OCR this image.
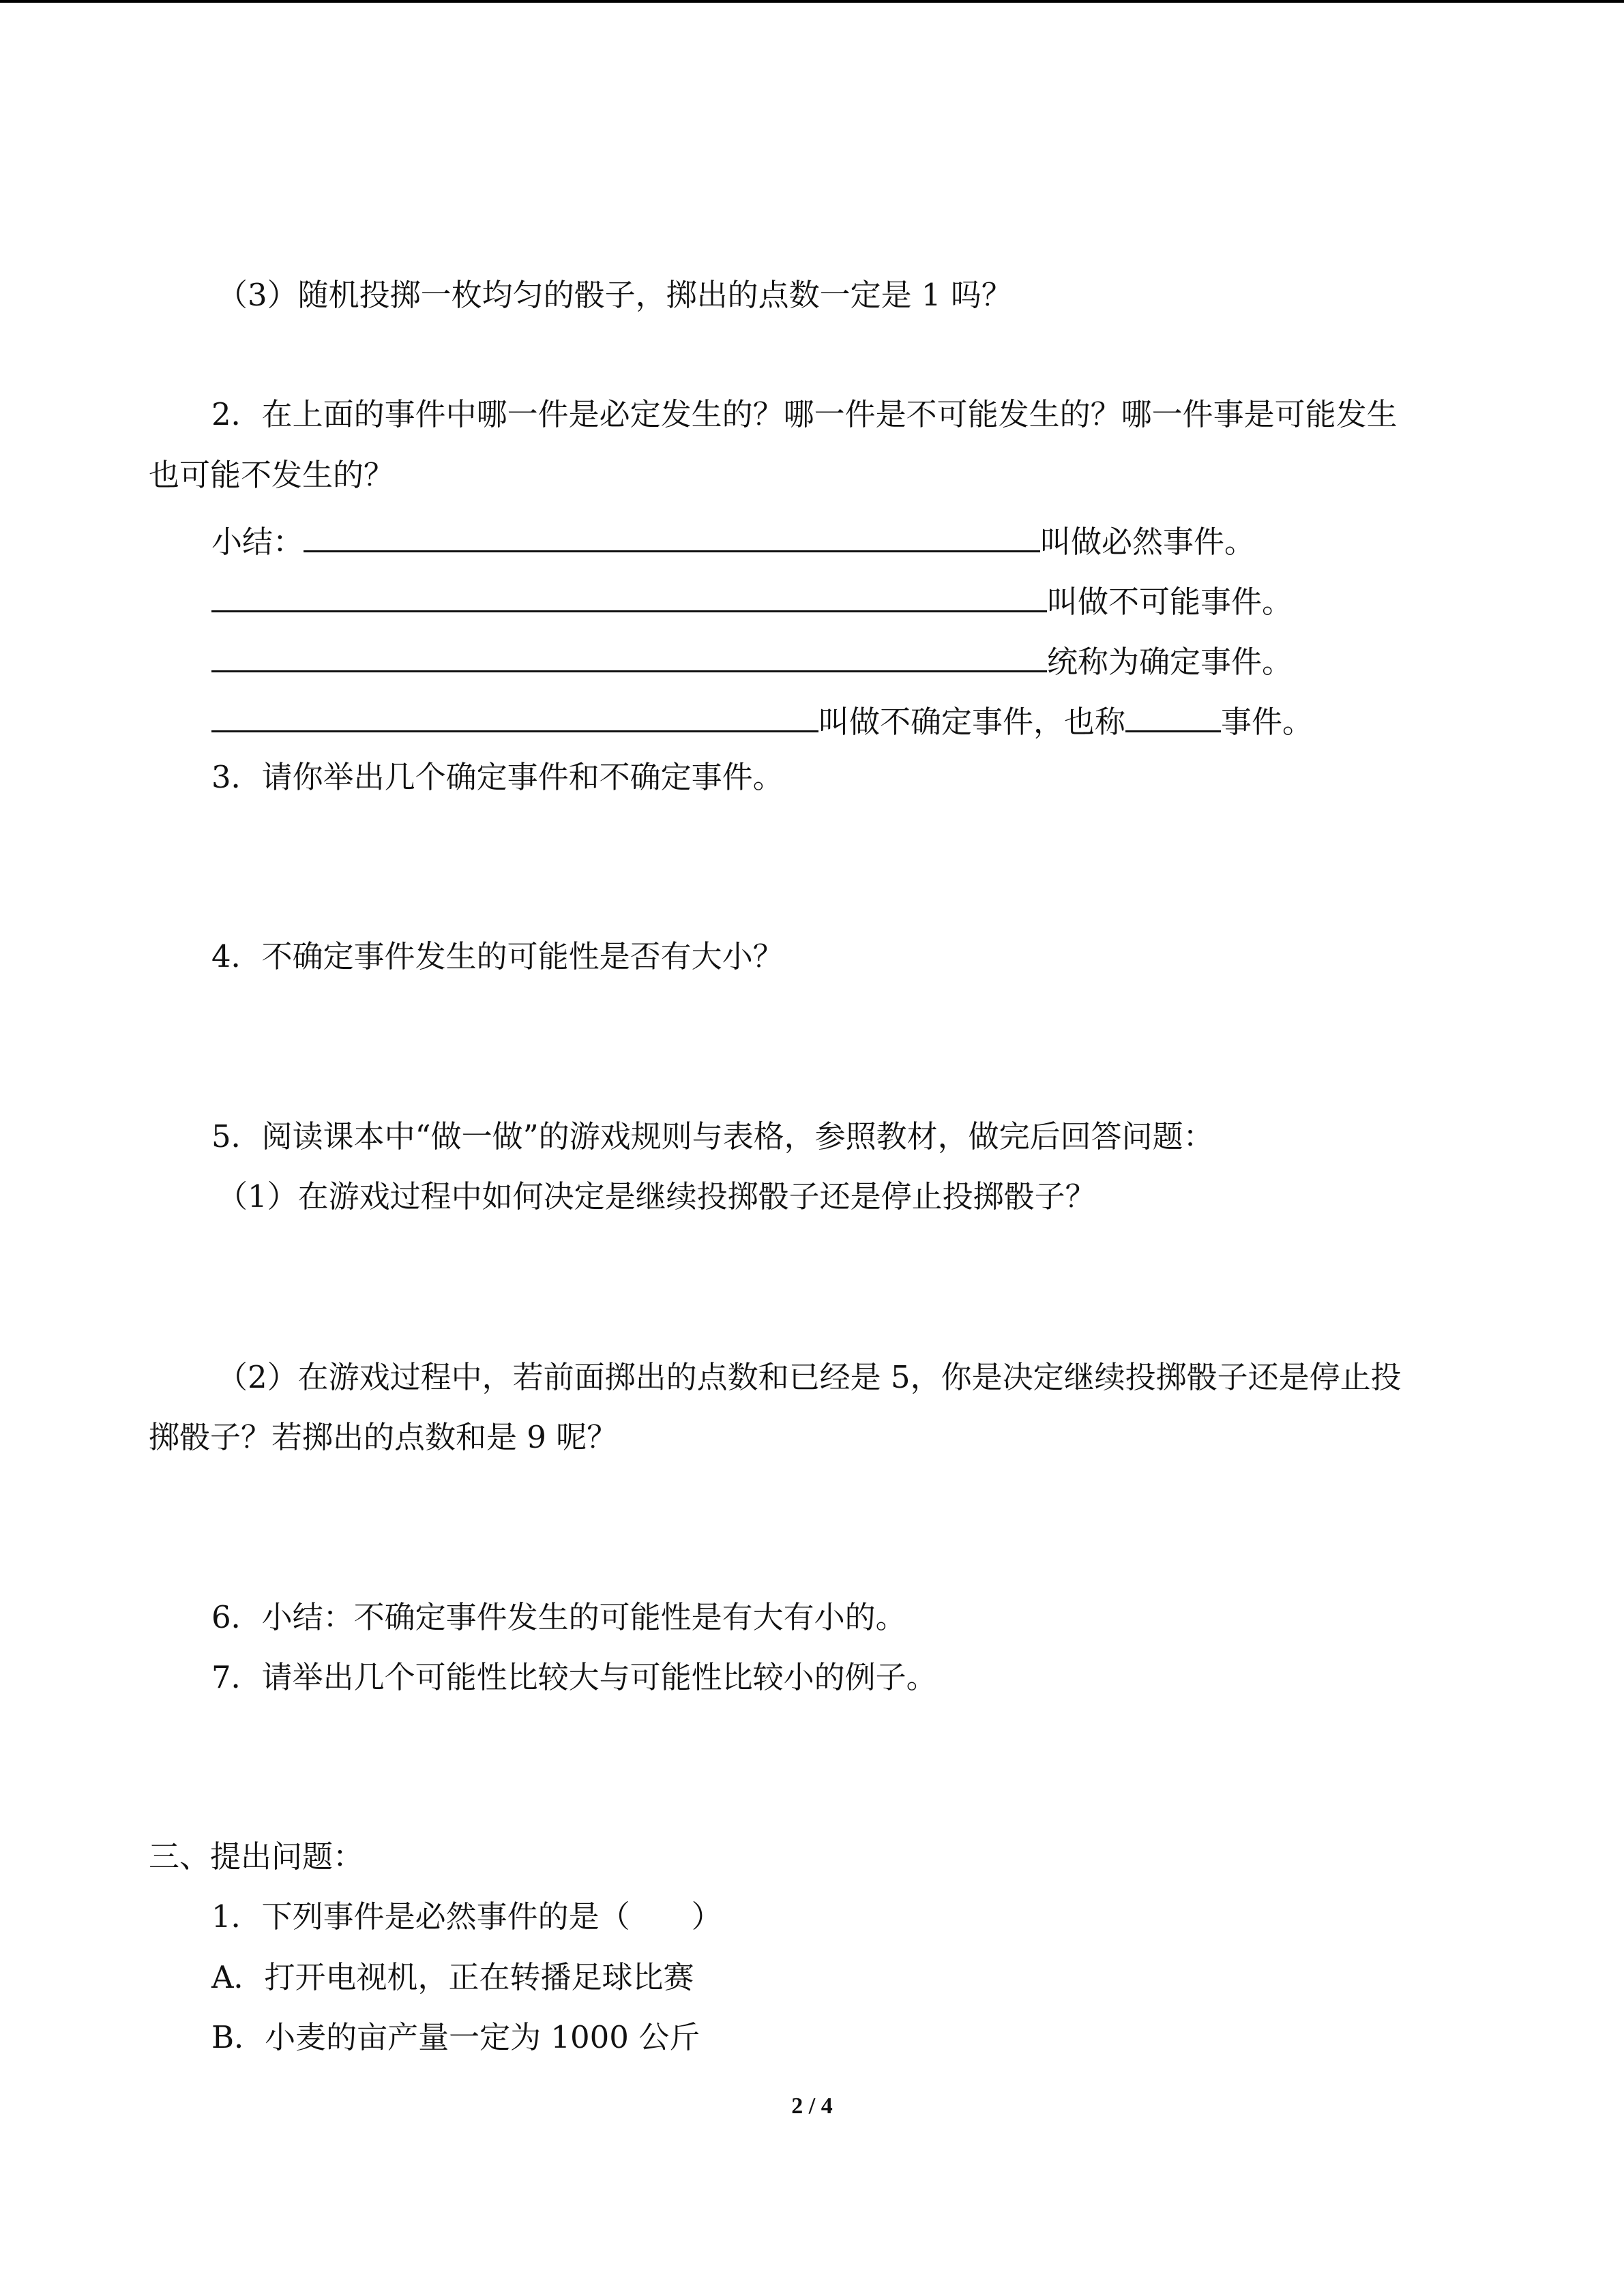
（3）随机投掷一枚均匀的骰子，掷出的点数一定是 1 吗？
2．在上面的事件中哪一件是必定发生的？哪一件是不可能发生的？哪一件事是可能发生
也可能不发生的？
小结：	叫做必然事件。
叫做不可能事件。
统称为确定事件。
叫做不确定事件，也称	事件。
3．请你举出几个确定事件和不确定事件。
4．不确定事件发生的可能性是否有大小？
5．阅读课本中“做一做”的游戏规则与表格，参照教材，做完后回答问题：
（1）在游戏过程中如何决定是继续投掷骰子还是停止投掷骰子？
（2）在游戏过程中，若前面掷出的点数和已经是 5，你是决定继续投掷骰子还是停止投
掷骰子？若掷出的点数和是 9 呢？
6．小结：不确定事件发生的可能性是有大有小的。
7．请举出几个可能性比较大与可能性比较小的例子。
三、提出问题：
1．下列事件是必然事件的是（　　）
A．打开电视机，正在转播足球比赛
B．小麦的亩产量一定为 1000 公斤
2 / 4
